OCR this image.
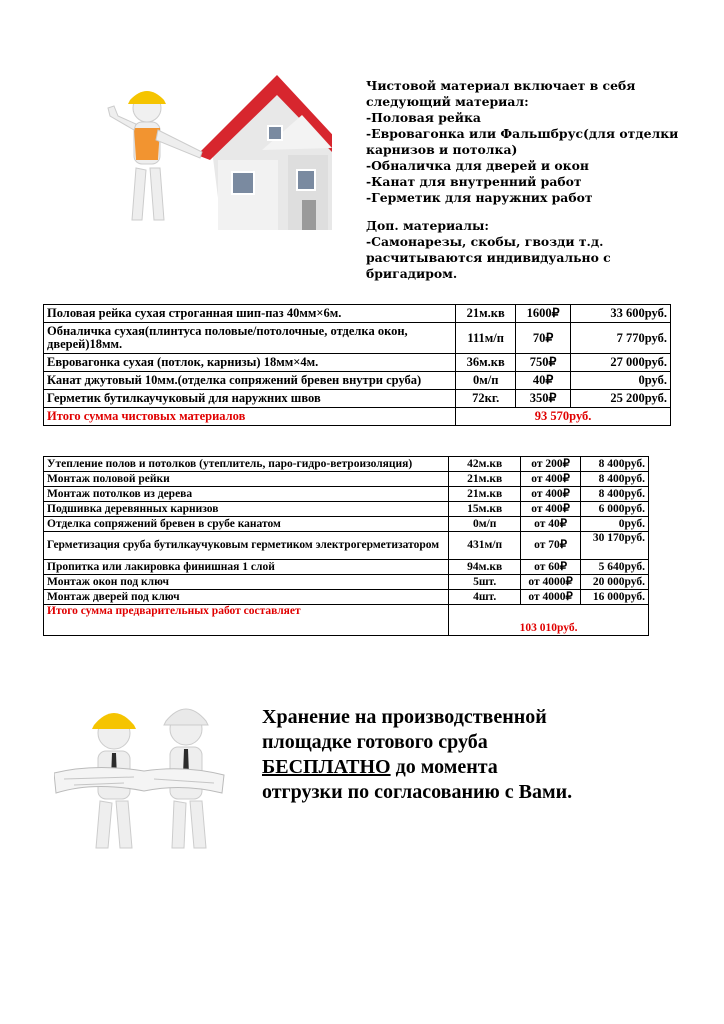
Чистовой материал включает в себя
следующий материал:
-Половая рейка
-Евровагонка или Фальшбрус(для отделки
карнизов и потолка)
-Обналичка для дверей и окон
-Канат для внутренний работ
-Герметик для наружних работ
Доп. материалы:
-Самонарезы, скобы, гвозди т.д.
расчитываются индивидуально с
бригадиром.
Половая рейка сухая строганная шип-паз 40мм×6м.	21м.кв	1600₽	33 600руб.
Обналичка сухая(плинтуса половые/потолочные, отделка окон, дверей)18мм.	111м/п	70₽	7 770руб.
Евровагонка сухая (потлок, карнизы) 18мм×4м.	36м.кв	750₽	27 000руб.
Канат джутовый 10мм.(отделка сопряжений бревен внутри сруба)	0м/п	40₽	0руб.
Герметик бутилкаучуковый для наружних швов	72кг.	350₽	25 200руб.
Итого сумма чистовых материалов	93 570руб.		
Утепление полов и потолков (утеплитель, паро-гидро-ветроизоляция)	42м.кв	от 200₽	8 400руб.
Монтаж половой рейки	21м.кв	от 400₽	8 400руб.
Монтаж потолков из дерева	21м.кв	от 400₽	8 400руб.
Подшивка деревянных карнизов	15м.кв	от 400₽	6 000руб.
Отделка сопряжений бревен в срубе канатом	0м/п	от 40₽	0руб.
Герметизация сруба бутилкаучуковым герметиком электрогерметизатором	431м/п	от 70₽	30 170руб.
Пропитка или лакировка финишная 1 слой	94м.кв	от 60₽	5 640руб.
Монтаж окон под ключ	5шт.	от 4000₽	20 000руб.
Монтаж дверей под ключ	4шт.	от 4000₽	16 000руб.
Итого сумма предварительных работ составляет	103 010руб.		
Хранение на производственной
площадке готового сруба
БЕСПЛАТНО до момента
отгрузки по согласованию с Вами.
